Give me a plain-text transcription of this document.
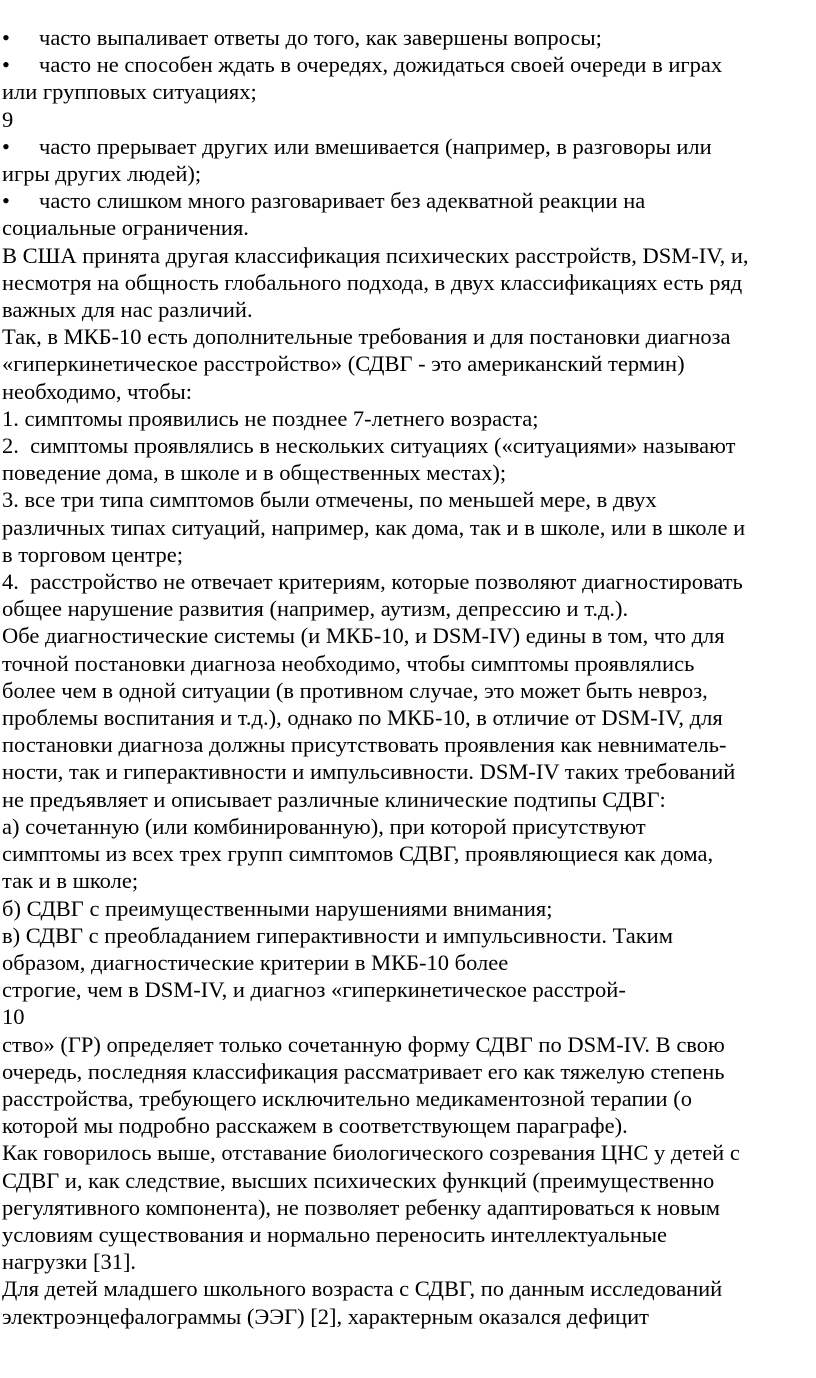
• часто выпаливает ответы до того, как завершены вопросы;
• часто не способен ждать в очередях, дожидаться своей очереди в играх
или групповых ситуациях;
9
• часто прерывает других или вмешивается (например, в разговоры или
игры других людей);
• часто слишком много разговаривает без адекватной реакции на
социальные ограничения.
В США принята другая классификация психических расстройств, DSM-IV, и,
несмотря на общность глобального подхода, в двух классификациях есть ряд
важных для нас различий.
Так, в МКБ-10 есть дополнительные требования и для постановки диагноза
«гиперкинетическое расстройство» (СДВГ - это американский термин)
необходимо, чтобы:
1. симптомы проявились не позднее 7-летнего возраста;
2.  симптомы проявлялись в нескольких ситуациях («ситуациями» называют
поведение дома, в школе и в общественных местах);
3. все три типа симптомов были отмечены, по меньшей мере, в двух
различных типах ситуаций, например, как дома, так и в школе, или в школе и
в торговом центре;
4.  расстройство не отвечает критериям, которые позволяют диагностировать
общее нарушение развития (например, аутизм, депрессию и т.д.).
Обе диагностические системы (и МКБ-10, и DSM-IV) едины в том, что для
точной постановки диагноза необходимо, чтобы симптомы проявлялись
более чем в одной ситуации (в противном случае, это может быть невроз,
проблемы воспитания и т.д.), однако по МКБ-10, в отличие от DSM-IV, для
постановки диагноза должны присутствовать проявления как невниматель-
ности, так и гиперактивности и импульсивности. DSM-IV таких требований
не предъявляет и описывает различные клинические подтипы СДВГ:
а) сочетанную (или комбинированную), при которой присутствуют
симптомы из всех трех групп симптомов СДВГ, проявляющиеся как дома,
так и в школе;
б) СДВГ с преимущественными нарушениями внимания;
в) СДВГ с преобладанием гиперактивности и импульсивности. Таким
образом, диагностические критерии в МКБ-10 более
строгие, чем в DSM-IV, и диагноз «гиперкинетическое расстрой-
10
ство» (ГР) определяет только сочетанную форму СДВГ по DSM-IV. В свою
очередь, последняя классификация рассматривает его как тяжелую степень
расстройства, требующего исключительно медикаментозной терапии (о
которой мы подробно расскажем в соответствующем параграфе).
Как говорилось выше, отставание биологического созревания ЦНС у детей с
СДВГ и, как следствие, высших психических функций (преимущественно
регулятивного компонента), не позволяет ребенку адаптироваться к новым
условиям существования и нормально переносить интеллектуальные
нагрузки [31].
Для детей младшего школьного возраста с СДВГ, по данным исследований
электроэнцефалограммы (ЭЭГ) [2], характерным оказался дефицит
